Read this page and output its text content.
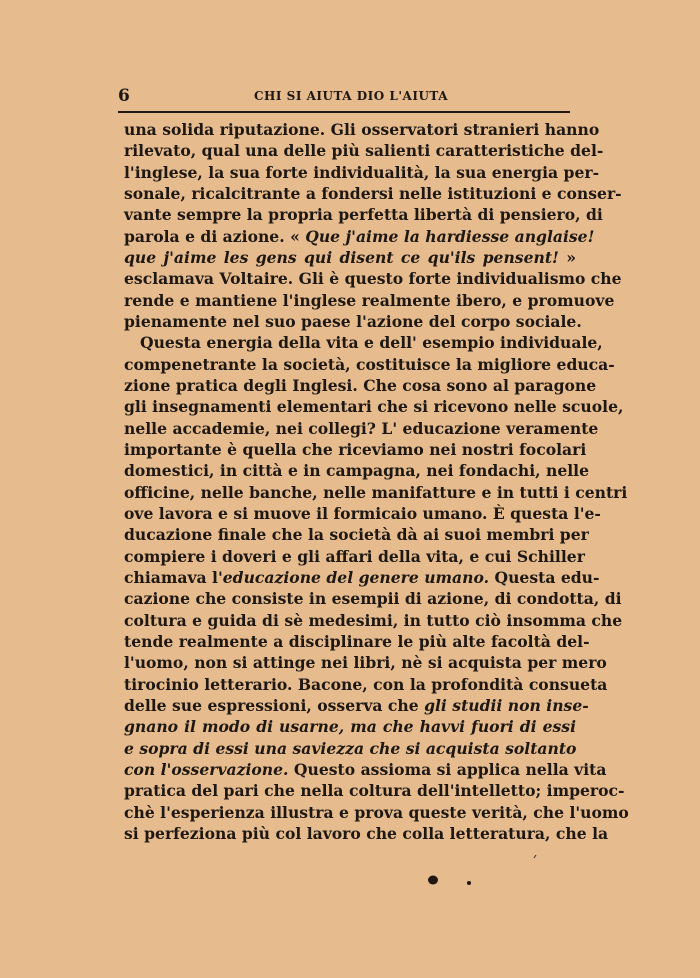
6	CHI SI AIUTA DIO L'AIUTA
una solida riputazione. Gli osservatori stranieri hanno
rilevato, qual una delle più salienti caratteristiche del-
l'inglese, la sua forte individualità, la sua energia per-
sonale, ricalcitrante a fondersi nelle istituzioni e conser-
vante sempre la propria perfetta libertà di pensiero, di
parola e di azione. « Que j'aime la hardiesse anglaise!
que j'aime les gens qui disent ce qu'ils pensent! »
esclamava Voltaire. Gli è questo forte individualismo che
rende e mantiene l'inglese realmente ibero, e promuove
pienamente nel suo paese l'azione del corpo sociale.
Questa energia della vita e dell' esempio individuale,
compenetrante la società, costituisce la migliore educa-
zione pratica degli Inglesi. Che cosa sono al paragone
gli insegnamenti elementari che si ricevono nelle scuole,
nelle accademie, nei collegi? L' educazione veramente
importante è quella che riceviamo nei nostri focolari
domestici, in città e in campagna, nei fondachi, nelle
officine, nelle banche, nelle manifatture e in tutti i centri
ove lavora e si muove il formicaio umano. È questa l'e-
ducazione finale che la società dà ai suoi membri per
compiere i doveri e gli affari della vita, e cui Schiller
chiamava l'educazione del genere umano. Questa edu-
cazione che consiste in esempii di azione, di condotta, di
coltura e guida di sè medesimi, in tutto ciò insomma che
tende realmente a disciplinare le più alte facoltà del-
l'uomo, non si attinge nei libri, nè si acquista per mero
tirocinio letterario. Bacone, con la profondità consueta
delle sue espressioni, osserva che gli studii non inse-
gnano il modo di usarne, ma che havvi fuori di essi
e sopra di essi una saviezza che si acquista soltanto
con l'osservazione. Questo assioma si applica nella vita
pratica del pari che nella coltura dell'intelletto; imperoc-
chè l'esperienza illustra e prova queste verità, che l'uomo
si perfeziona più col lavoro che colla letteratura, che la
